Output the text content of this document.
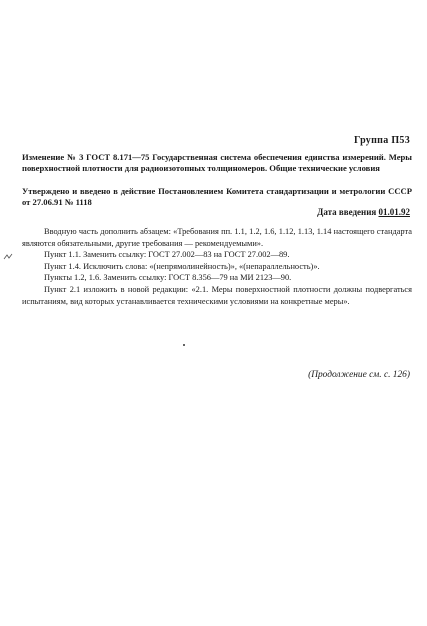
Группа П53
Изменение № 3 ГОСТ 8.171—75 Государственная система обеспечения единства измерений. Меры поверхностной плотности для радиоизотопных толщиномеров. Общие технические условия
Утверждено и введено в действие Постановлением Комитета стандартизации и метрологии СССР от 27.06.91 № 1118
Дата введения 01.01.92

Вводную часть дополнить абзацем: «Требования пп. 1.1, 1.2, 1.6, 1.12, 1.13, 1.14 настоящего стандарта являются обязательными, другие требования — рекомендуемыми».

Пункт 1.1. Заменить ссылку: ГОСТ 27.002—83 на ГОСТ 27.002—89.

Пункт 1.4. Исключить слова: «(непрямолинейность)», «(непараллельность)».

Пункты 1.2, 1.6. Заменить ссылку: ГОСТ 8.356—79 на МИ 2123—90.

Пункт 2.1 изложить в новой редакции: «2.1. Меры поверхностной плотности должны подвергаться испытаниям, вид которых устанавливается техническими условиями на конкретные меры».

(Продолжение см. с. 126)
